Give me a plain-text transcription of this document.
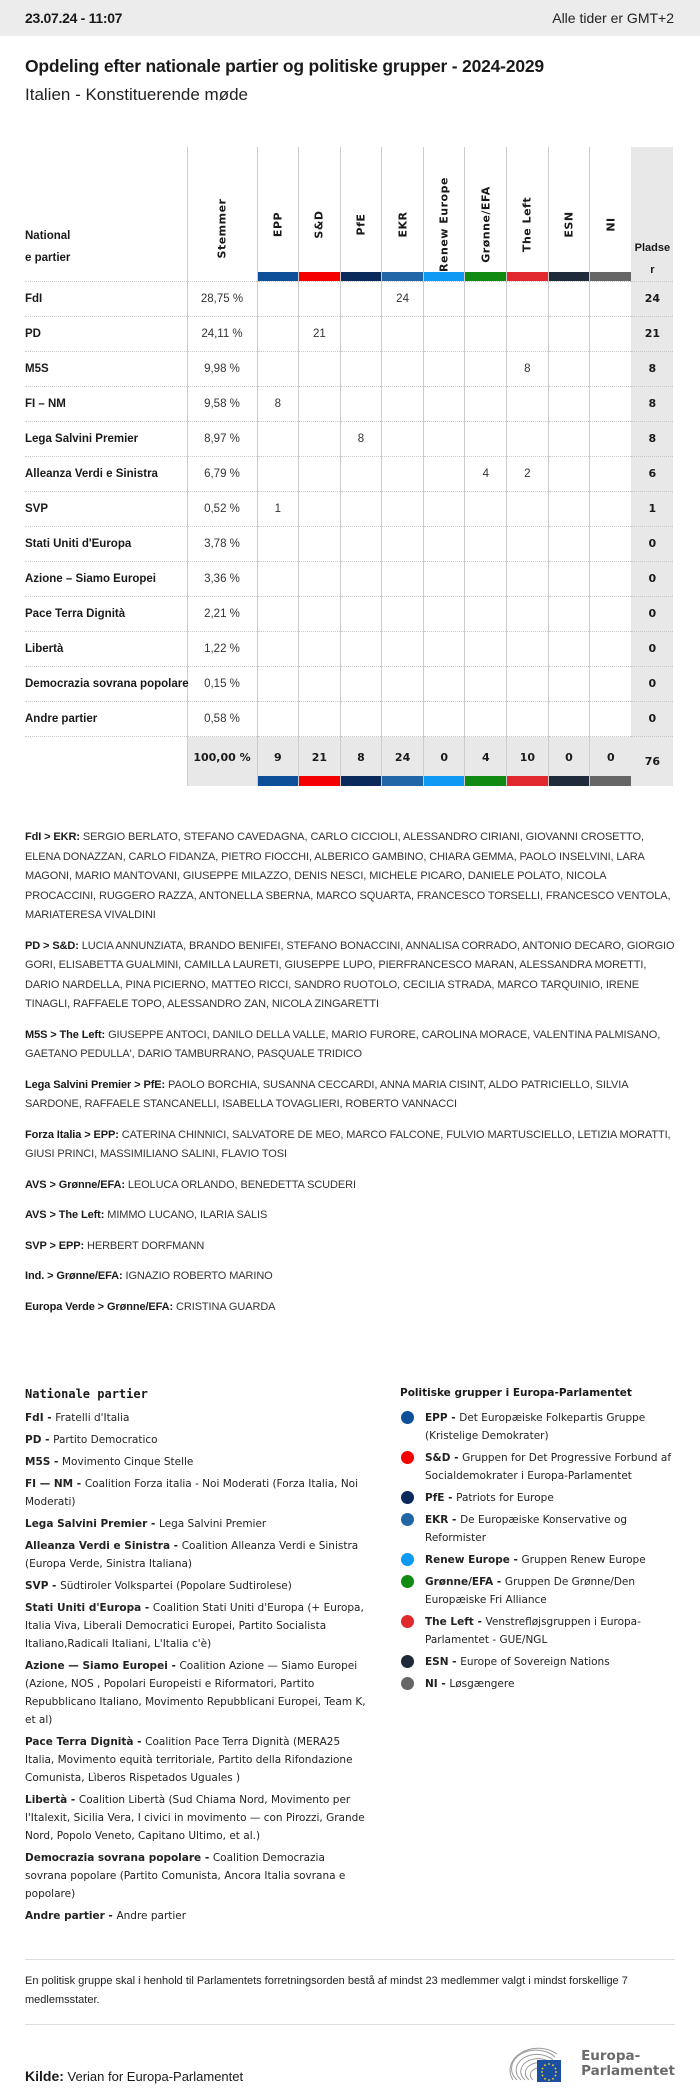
23.07.24 - 11:07	Alle tider er GMT+2
Opdeling efter nationale partier og politiske grupper - 2024-2029
Italien - Konstituerende møde
National
e partier	Stemmer	EPP	S&D	PfE	EKR	Renew Europe	Grønne/EFA	The Left	ESN	NI

Pladse
r

FdI	28,75 %				24						24
PD	24,11 %		21								21
M5S	9,98 %							8			8
FI – NM	9,58 %	8									8
Lega Salvini Premier	8,97 %			8							8
Alleanza Verdi e Sinistra	6,79 %						4	2			6
SVP	0,52 %	1									1
Stati Uniti d'Europa	3,78 %										0
Azione – Siamo Europei	3,36 %										0
Pace Terra Dignità	2,21 %										0
Libertà	1,22 %										0
Democrazia sovrana popolare	0,15 %										0
Andre partier	0,58 %										0
	100,00 %	9	21	8	24	0	4	10	0	0	76

FdI > EKR: SERGIO BERLATO, STEFANO CAVEDAGNA, CARLO CICCIOLI, ALESSANDRO CIRIANI, GIOVANNI CROSETTO, ELENA DONAZZAN, CARLO FIDANZA, PIETRO FIOCCHI, ALBERICO GAMBINO, CHIARA GEMMA, PAOLO INSELVINI, LARA MAGONI, MARIO MANTOVANI, GIUSEPPE MILAZZO, DENIS NESCI, MICHELE PICARO, DANIELE POLATO, NICOLA PROCACCINI, RUGGERO RAZZA, ANTONELLA SBERNA, MARCO SQUARTA, FRANCESCO TORSELLI, FRANCESCO VENTOLA, MARIATERESA VIVALDINI

PD > S&D: LUCIA ANNUNZIATA, BRANDO BENIFEI, STEFANO BONACCINI, ANNALISA CORRADO, ANTONIO DECARO, GIORGIO GORI, ELISABETTA GUALMINI, CAMILLA LAURETI, GIUSEPPE LUPO, PIERFRANCESCO MARAN, ALESSANDRA MORETTI, DARIO NARDELLA, PINA PICIERNO, MATTEO RICCI, SANDRO RUOTOLO, CECILIA STRADA, MARCO TARQUINIO, IRENE TINAGLI, RAFFAELE TOPO, ALESSANDRO ZAN, NICOLA ZINGARETTI

M5S > The Left: GIUSEPPE ANTOCI, DANILO DELLA VALLE, MARIO FURORE, CAROLINA MORACE, VALENTINA PALMISANO, GAETANO PEDULLA', DARIO TAMBURRANO, PASQUALE TRIDICO

Lega Salvini Premier > PfE: PAOLO BORCHIA, SUSANNA CECCARDI, ANNA MARIA CISINT, ALDO PATRICIELLO, SILVIA SARDONE, RAFFAELE STANCANELLI, ISABELLA TOVAGLIERI, ROBERTO VANNACCI

Forza Italia > EPP: CATERINA CHINNICI, SALVATORE DE MEO, MARCO FALCONE, FULVIO MARTUSCIELLO, LETIZIA MORATTI, GIUSI PRINCI, MASSIMILIANO SALINI, FLAVIO TOSI

AVS > Grønne/EFA: LEOLUCA ORLANDO, BENEDETTA SCUDERI

AVS > The Left: MIMMO LUCANO, ILARIA SALIS

SVP > EPP: HERBERT DORFMANN

Ind. > Grønne/EFA: IGNAZIO ROBERTO MARINO

Europa Verde > Grønne/EFA: CRISTINA GUARDA

Nationale partier
FdI - Fratelli d'Italia
PD - Partito Democratico
M5S - Movimento Cinque Stelle
FI — NM - Coalition Forza italia - Noi Moderati (Forza Italia, Noi Moderati)
Lega Salvini Premier - Lega Salvini Premier
Alleanza Verdi e Sinistra - Coalition Alleanza Verdi e Sinistra (Europa Verde, Sinistra Italiana)
SVP - Südtiroler Volkspartei (Popolare Sudtirolese)
Stati Uniti d'Europa - Coalition Stati Uniti d'Europa (+ Europa, Italia Viva, Liberali Democratici Europei, Partito Socialista Italiano,Radicali Italiani, L'Italia c'è)
Azione — Siamo Europei - Coalition Azione — Siamo Europei (Azione, NOS , Popolari Europeisti e Riformatori, Partito Repubblicano Italiano, Movimento Repubblicani Europei, Team K, et al)
Pace Terra Dignità - Coalition Pace Terra Dignità (MERA25 Italia, Movimento equità territoriale, Partito della Rifondazione Comunista, Lìberos Rispetados Uguales )
Libertà - Coalition Libertà (Sud Chiama Nord, Movimento per l'Italexit, Sicilia Vera, I civici in movimento — con Pirozzi, Grande Nord, Popolo Veneto, Capitano Ultimo, et al.)
Democrazia sovrana popolare - Coalition Democrazia sovrana popolare (Partito Comunista, Ancora Italia sovrana e popolare)
Andre partier - Andre partier
Politiske grupper i Europa-Parlamentet
EPP - Det Europæiske Folkepartis Gruppe (Kristelige Demokrater)
S&D - Gruppen for Det Progressive Forbund af Socialdemokrater i Europa-Parlamentet
PfE - Patriots for Europe
EKR - De Europæiske Konservative og Reformister
Renew Europe - Gruppen Renew Europe
Grønne/EFA - Gruppen De Grønne/Den Europæiske Fri Alliance
The Left - Venstrefløjsgruppen i Europa-Parlamentet - GUE/NGL
ESN - Europe of Sovereign Nations
NI - Løsgængere
En politisk gruppe skal i henhold til Parlamentets forretningsorden bestå af mindst 23 medlemmer valgt i mindst forskellige 7 medlemsstater.
Kilde: Verian for Europa-Parlamentet
Europa-
Parlamentet
